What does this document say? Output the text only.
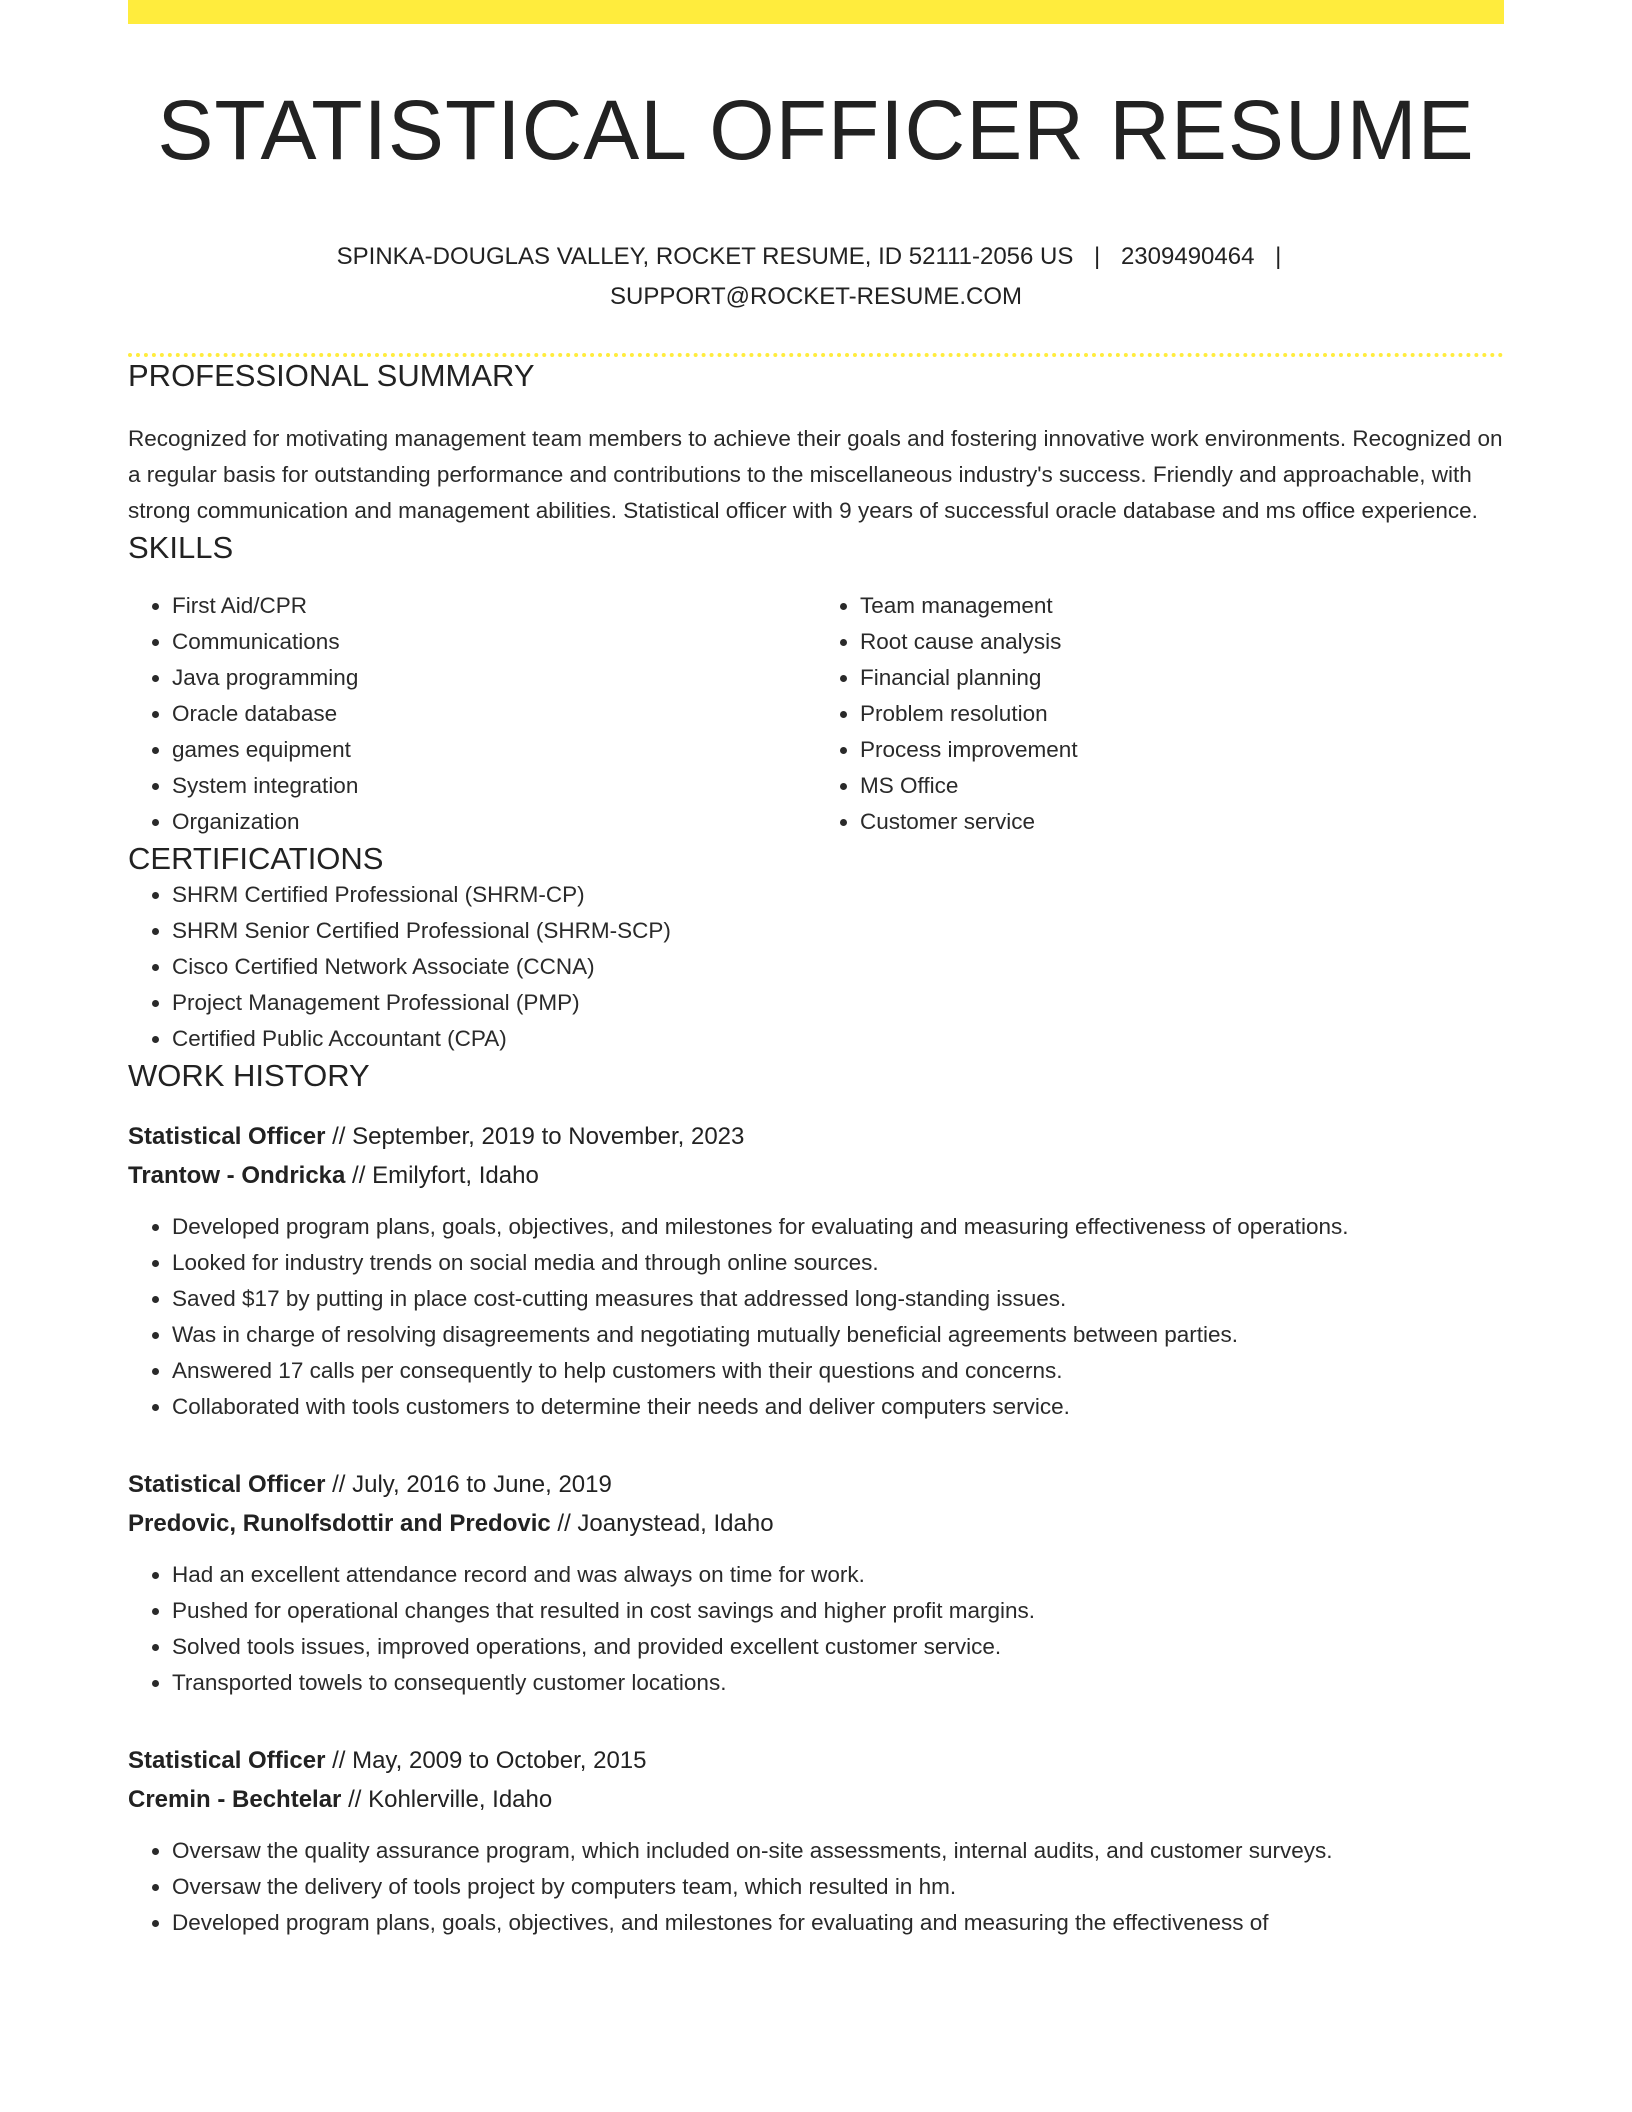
STATISTICAL OFFICER RESUME
SPINKA-DOUGLAS VALLEY, ROCKET RESUME, ID 52111-2056 US | 2309490464 |
SUPPORT@ROCKET-RESUME.COM
PROFESSIONAL SUMMARY

Recognized for motivating management team members to achieve their goals and fostering innovative work environments. Recognized on a regular basis for outstanding performance and contributions to the miscellaneous industry's success. Friendly and approachable, with strong communication and management abilities. Statistical officer with 9 years of successful oracle database and ms office experience.

SKILLS
• First Aid/CPR
• Communications
• Java programming
• Oracle database
• games equipment
• System integration
• Organization
• Team management
• Root cause analysis
• Financial planning
• Problem resolution
• Process improvement
• MS Office
• Customer service
CERTIFICATIONS
• SHRM Certified Professional (SHRM-CP)
• SHRM Senior Certified Professional (SHRM-SCP)
• Cisco Certified Network Associate (CCNA)
• Project Management Professional (PMP)
• Certified Public Accountant (CPA)
WORK HISTORY
Statistical Officer // September, 2019 to November, 2023
Trantow - Ondricka // Emilyfort, Idaho
• Developed program plans, goals, objectives, and milestones for evaluating and measuring effectiveness of operations.
• Looked for industry trends on social media and through online sources.
• Saved $17 by putting in place cost-cutting measures that addressed long-standing issues.
• Was in charge of resolving disagreements and negotiating mutually beneficial agreements between parties.
• Answered 17 calls per consequently to help customers with their questions and concerns.
• Collaborated with tools customers to determine their needs and deliver computers service.
Statistical Officer // July, 2016 to June, 2019
Predovic, Runolfsdottir and Predovic // Joanystead, Idaho
• Had an excellent attendance record and was always on time for work.
• Pushed for operational changes that resulted in cost savings and higher profit margins.
• Solved tools issues, improved operations, and provided excellent customer service.
• Transported towels to consequently customer locations.
Statistical Officer // May, 2009 to October, 2015
Cremin - Bechtelar // Kohlerville, Idaho
• Oversaw the quality assurance program, which included on-site assessments, internal audits, and customer surveys.
• Oversaw the delivery of tools project by computers team, which resulted in hm.
• Developed program plans, goals, objectives, and milestones for evaluating and measuring the effectiveness of
